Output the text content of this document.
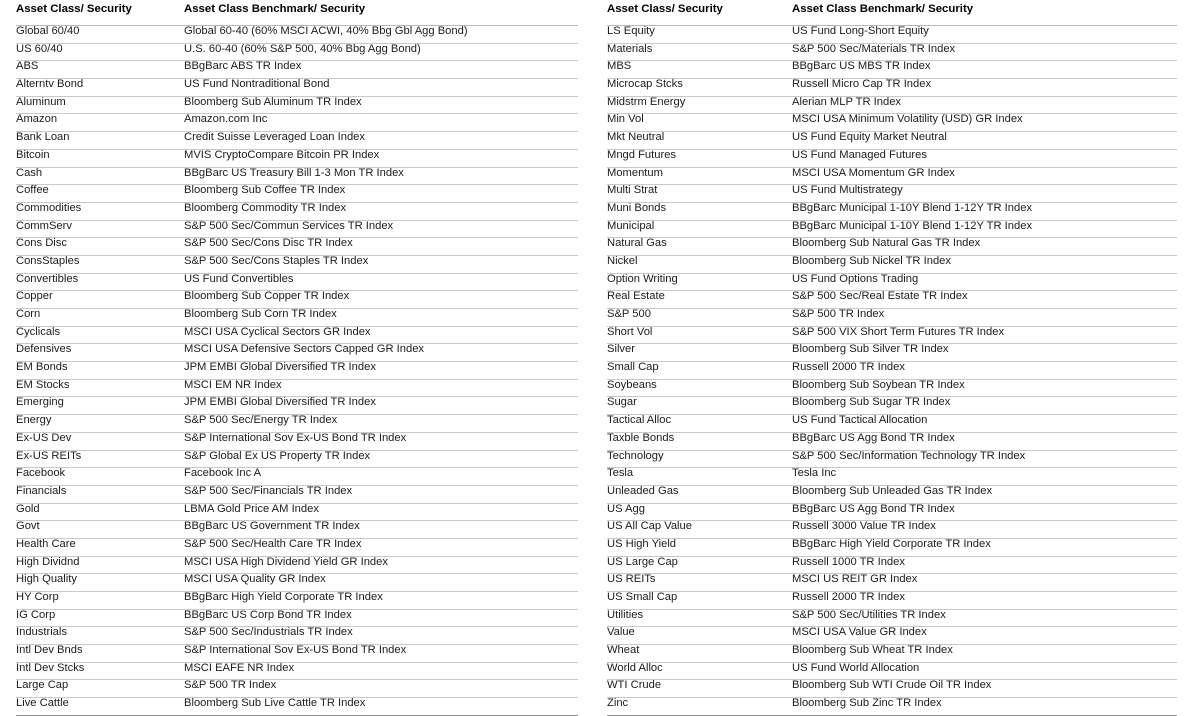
Asset Class/ Security	Asset Class Benchmark/ Security
Global 60/40	Global 60-40 (60% MSCI ACWI, 40% Bbg Gbl Agg Bond)
US 60/40	U.S. 60-40 (60% S&P 500, 40% Bbg Agg Bond)
ABS	BBgBarc ABS TR Index
Alterntv Bond	US Fund Nontraditional Bond
Aluminum	Bloomberg Sub Aluminum TR Index
Amazon	Amazon.com Inc
Bank Loan	Credit Suisse Leveraged Loan Index
Bitcoin	MVIS CryptoCompare Bitcoin PR Index
Cash	BBgBarc US Treasury Bill 1-3 Mon TR Index
Coffee	Bloomberg Sub Coffee TR Index
Commodities	Bloomberg Commodity TR Index
CommServ	S&P 500 Sec/Commun Services TR Index
Cons Disc	S&P 500 Sec/Cons Disc TR Index
ConsStaples	S&P 500 Sec/Cons Staples TR Index
Convertibles	US Fund Convertibles
Copper	Bloomberg Sub Copper TR Index
Corn	Bloomberg Sub Corn TR Index
Cyclicals	MSCI USA Cyclical Sectors GR Index
Defensives	MSCI USA Defensive Sectors Capped GR Index
EM Bonds	JPM EMBI Global Diversified TR Index
EM Stocks	MSCI EM NR Index
Emerging	JPM EMBI Global Diversified TR Index
Energy	S&P 500 Sec/Energy TR Index
Ex-US Dev	S&P International Sov Ex-US Bond TR Index
Ex-US REITs	S&P Global Ex US Property TR Index
Facebook	Facebook Inc A
Financials	S&P 500 Sec/Financials TR Index
Gold	LBMA Gold Price AM Index
Govt	BBgBarc US Government TR Index
Health Care	S&P 500 Sec/Health Care TR Index
High Dividnd	MSCI USA High Dividend Yield GR Index
High Quality	MSCI USA Quality GR Index
HY Corp	BBgBarc High Yield Corporate TR Index
IG Corp	BBgBarc US Corp Bond TR Index
Industrials	S&P 500 Sec/Industrials TR Index
Intl Dev Bnds	S&P International Sov Ex-US Bond TR Index
Intl Dev Stcks	MSCI EAFE NR Index
Large Cap	S&P 500 TR Index
Live Cattle	Bloomberg Sub Live Cattle TR Index
Asset Class/ Security	Asset Class Benchmark/ Security
LS Equity	US Fund Long-Short Equity
Materials	S&P 500 Sec/Materials TR Index
MBS	BBgBarc US MBS TR Index
Microcap Stcks	Russell Micro Cap TR Index
Midstrm Energy	Alerian MLP TR Index
Min Vol	MSCI USA Minimum Volatility (USD) GR Index
Mkt Neutral	US Fund Equity Market Neutral
Mngd Futures	US Fund Managed Futures
Momentum	MSCI USA Momentum GR Index
Multi Strat	US Fund Multistrategy
Muni Bonds	BBgBarc Municipal 1-10Y Blend 1-12Y TR Index
Municipal	BBgBarc Municipal 1-10Y Blend 1-12Y TR Index
Natural Gas	Bloomberg Sub Natural Gas TR Index
Nickel	Bloomberg Sub Nickel TR Index
Option Writing	US Fund Options Trading
Real Estate	S&P 500 Sec/Real Estate TR Index
S&P 500	S&P 500 TR Index
Short Vol	S&P 500 VIX Short Term Futures TR Index
Silver	Bloomberg Sub Silver TR Index
Small Cap	Russell 2000 TR Index
Soybeans	Bloomberg Sub Soybean TR Index
Sugar	Bloomberg Sub Sugar TR Index
Tactical Alloc	US Fund Tactical Allocation
Taxble Bonds	BBgBarc US Agg Bond TR Index
Technology	S&P 500 Sec/Information Technology TR Index
Tesla	Tesla Inc
Unleaded Gas	Bloomberg Sub Unleaded Gas TR Index
US Agg	BBgBarc US Agg Bond TR Index
US All Cap Value	Russell 3000 Value TR Index
US High Yield	BBgBarc High Yield Corporate TR Index
US Large Cap	Russell 1000 TR Index
US REITs	MSCI US REIT GR Index
US Small Cap	Russell 2000 TR Index
Utilities	S&P 500 Sec/Utilities TR Index
Value	MSCI USA Value GR Index
Wheat	Bloomberg Sub Wheat TR Index
World Alloc	US Fund World Allocation
WTI Crude	Bloomberg Sub WTI Crude Oil TR Index
Zinc	Bloomberg Sub Zinc TR Index
